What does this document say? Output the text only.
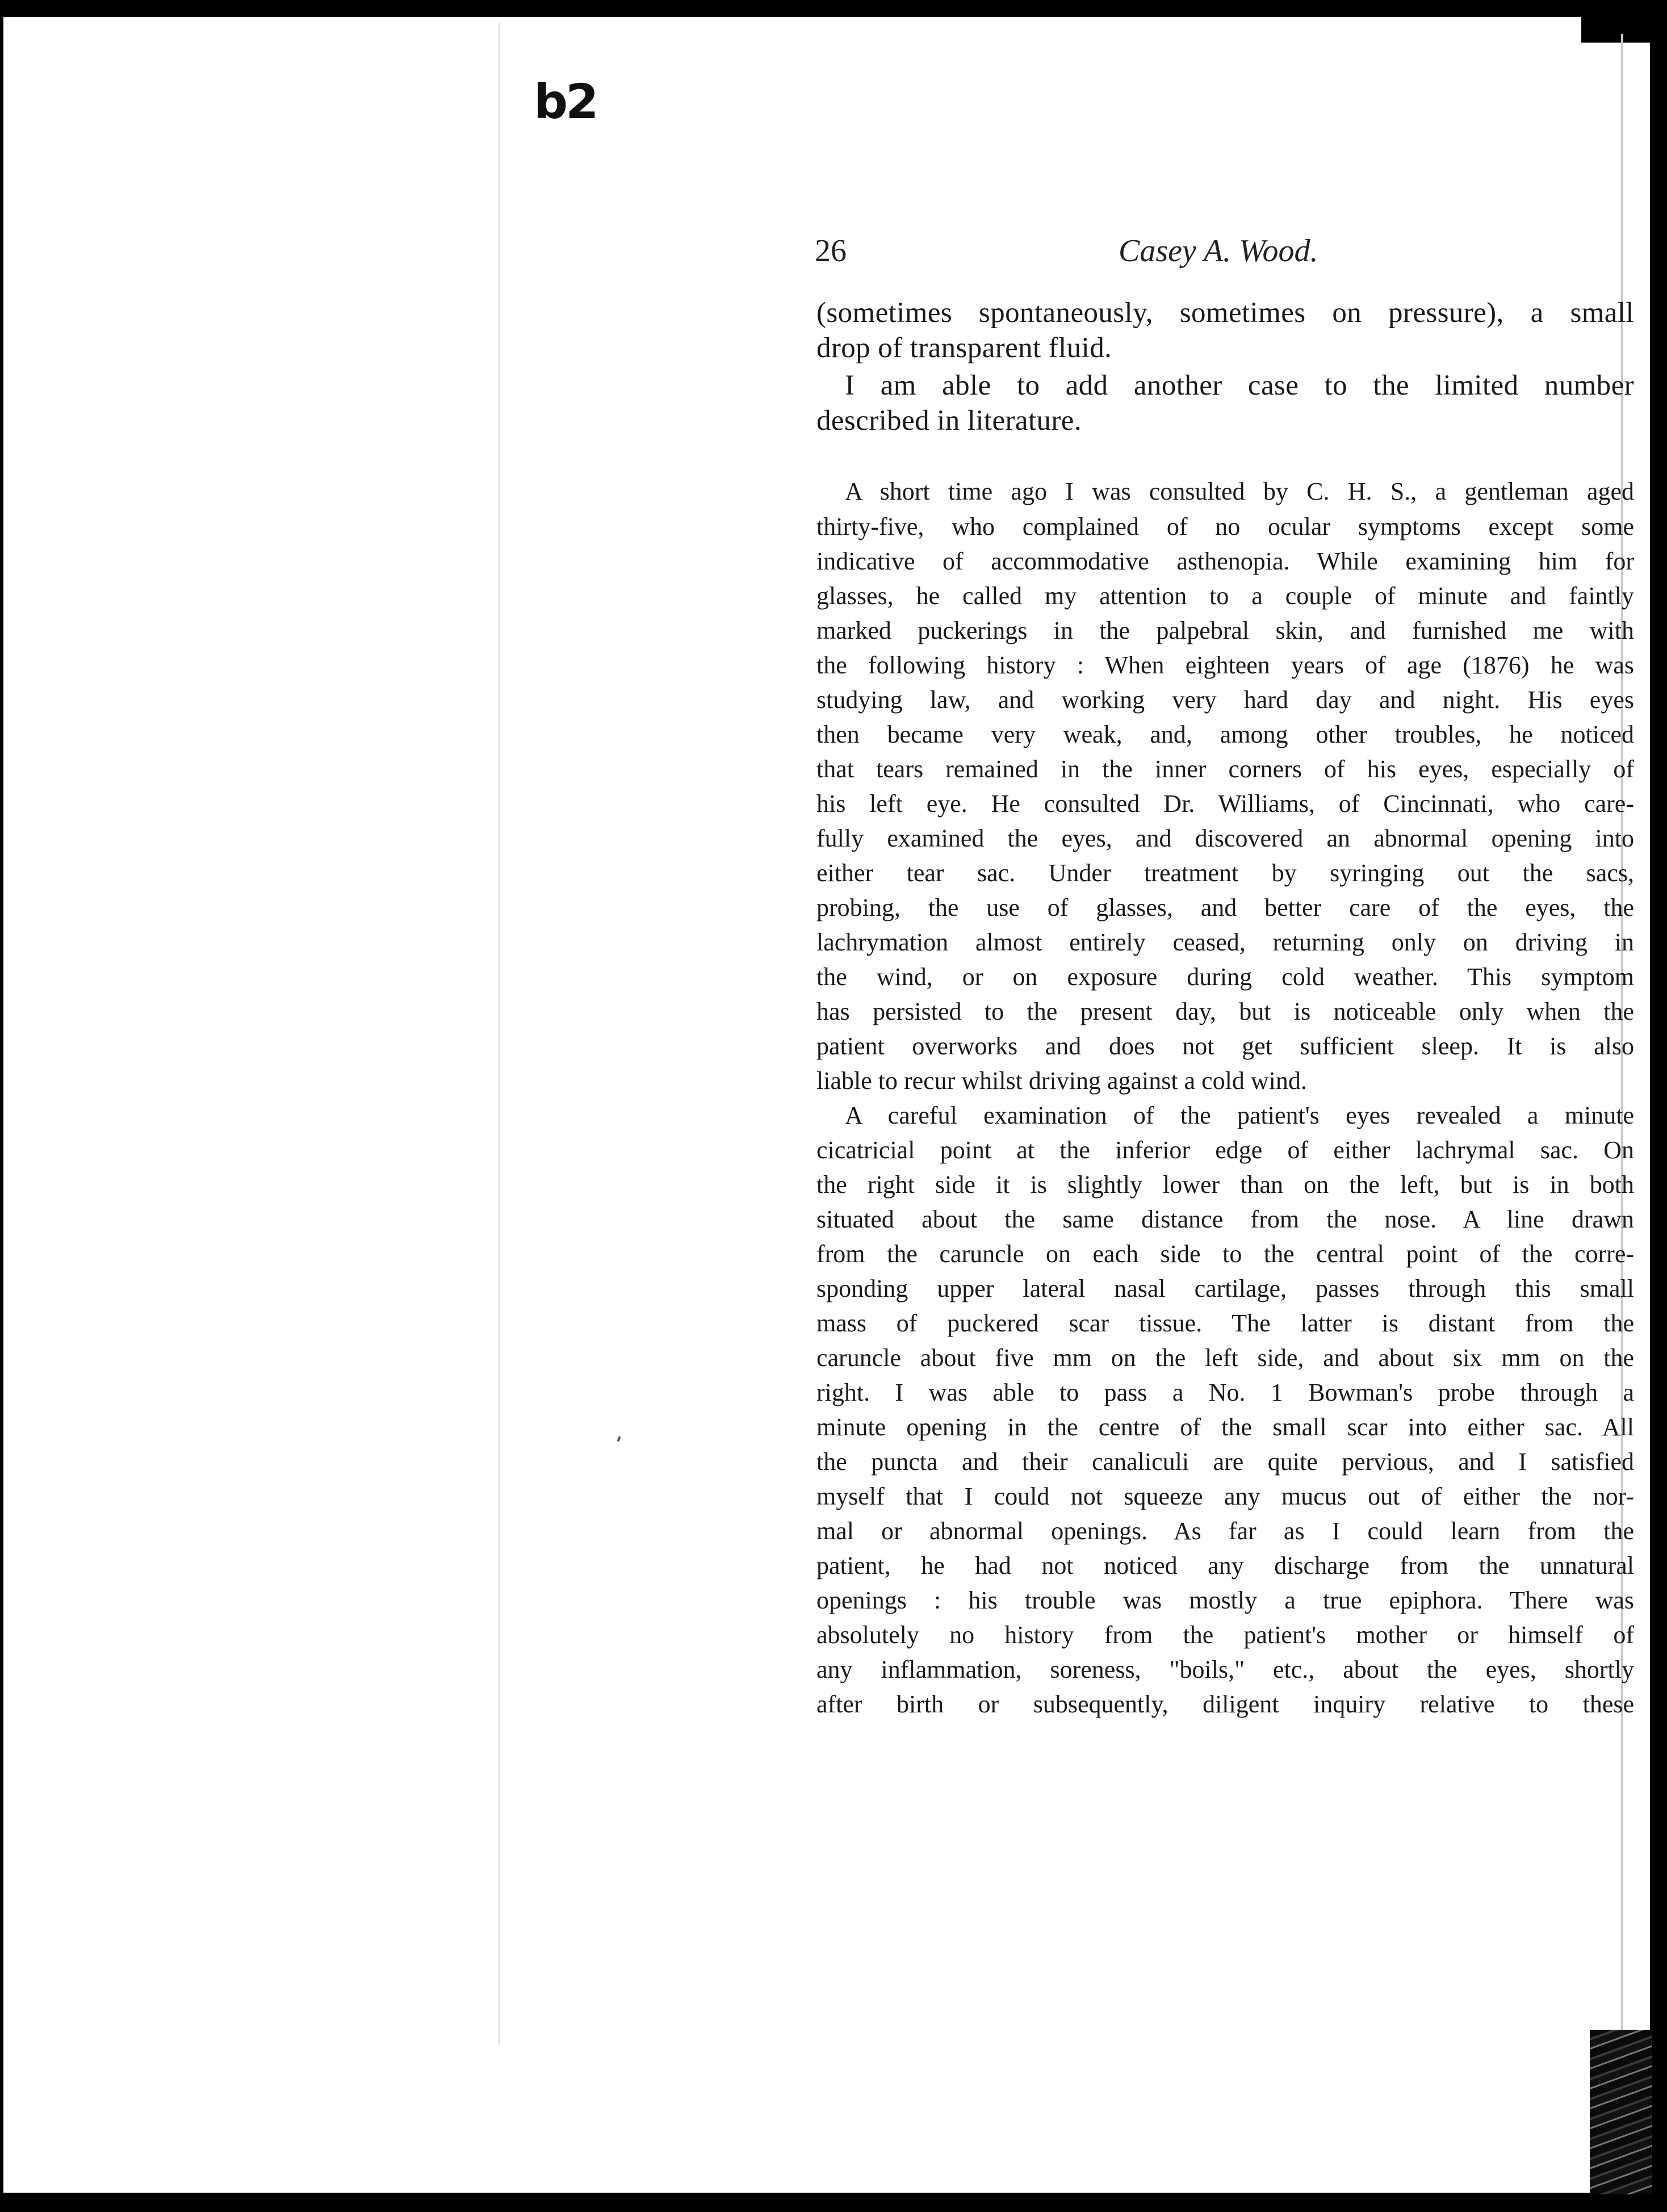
b2
26	Casey A. Wood.
(sometimes spontaneously, sometimes on pressure), a small
drop of transparent fluid.
I am able to add another case to the limited number
described in literature.
A short time ago I was consulted by C. H. S., a gentleman aged
thirty-five, who complained of no ocular symptoms except some
indicative of accommodative asthenopia. While examining him for
glasses, he called my attention to a couple of minute and faintly
marked puckerings in the palpebral skin, and furnished me with
the following history : When eighteen years of age (1876) he was
studying law, and working very hard day and night. His eyes
then became very weak, and, among other troubles, he noticed
that tears remained in the inner corners of his eyes, especially of
his left eye. He consulted Dr. Williams, of Cincinnati, who care-
fully examined the eyes, and discovered an abnormal opening into
either tear sac. Under treatment by syringing out the sacs,
probing, the use of glasses, and better care of the eyes, the
lachrymation almost entirely ceased, returning only on driving in
the wind, or on exposure during cold weather. This symptom
has persisted to the present day, but is noticeable only when the
patient overworks and does not get sufficient sleep. It is also
liable to recur whilst driving against a cold wind.
A careful examination of the patient's eyes revealed a minute
cicatricial point at the inferior edge of either lachrymal sac. On
the right side it is slightly lower than on the left, but is in both
situated about the same distance from the nose. A line drawn
from the caruncle on each side to the central point of the corre-
sponding upper lateral nasal cartilage, passes through this small
mass of puckered scar tissue. The latter is distant from the
caruncle about five mm on the left side, and about six mm on the
right. I was able to pass a No. 1 Bowman's probe through a
minute opening in the centre of the small scar into either sac. All
the puncta and their canaliculi are quite pervious, and I satisfied
myself that I could not squeeze any mucus out of either the nor-
mal or abnormal openings. As far as I could learn from the
patient, he had not noticed any discharge from the unnatural
openings : his trouble was mostly a true epiphora. There was
absolutely no history from the patient's mother or himself of
any inflammation, soreness, "boils," etc., about the eyes, shortly
after birth or subsequently, diligent inquiry relative to these
